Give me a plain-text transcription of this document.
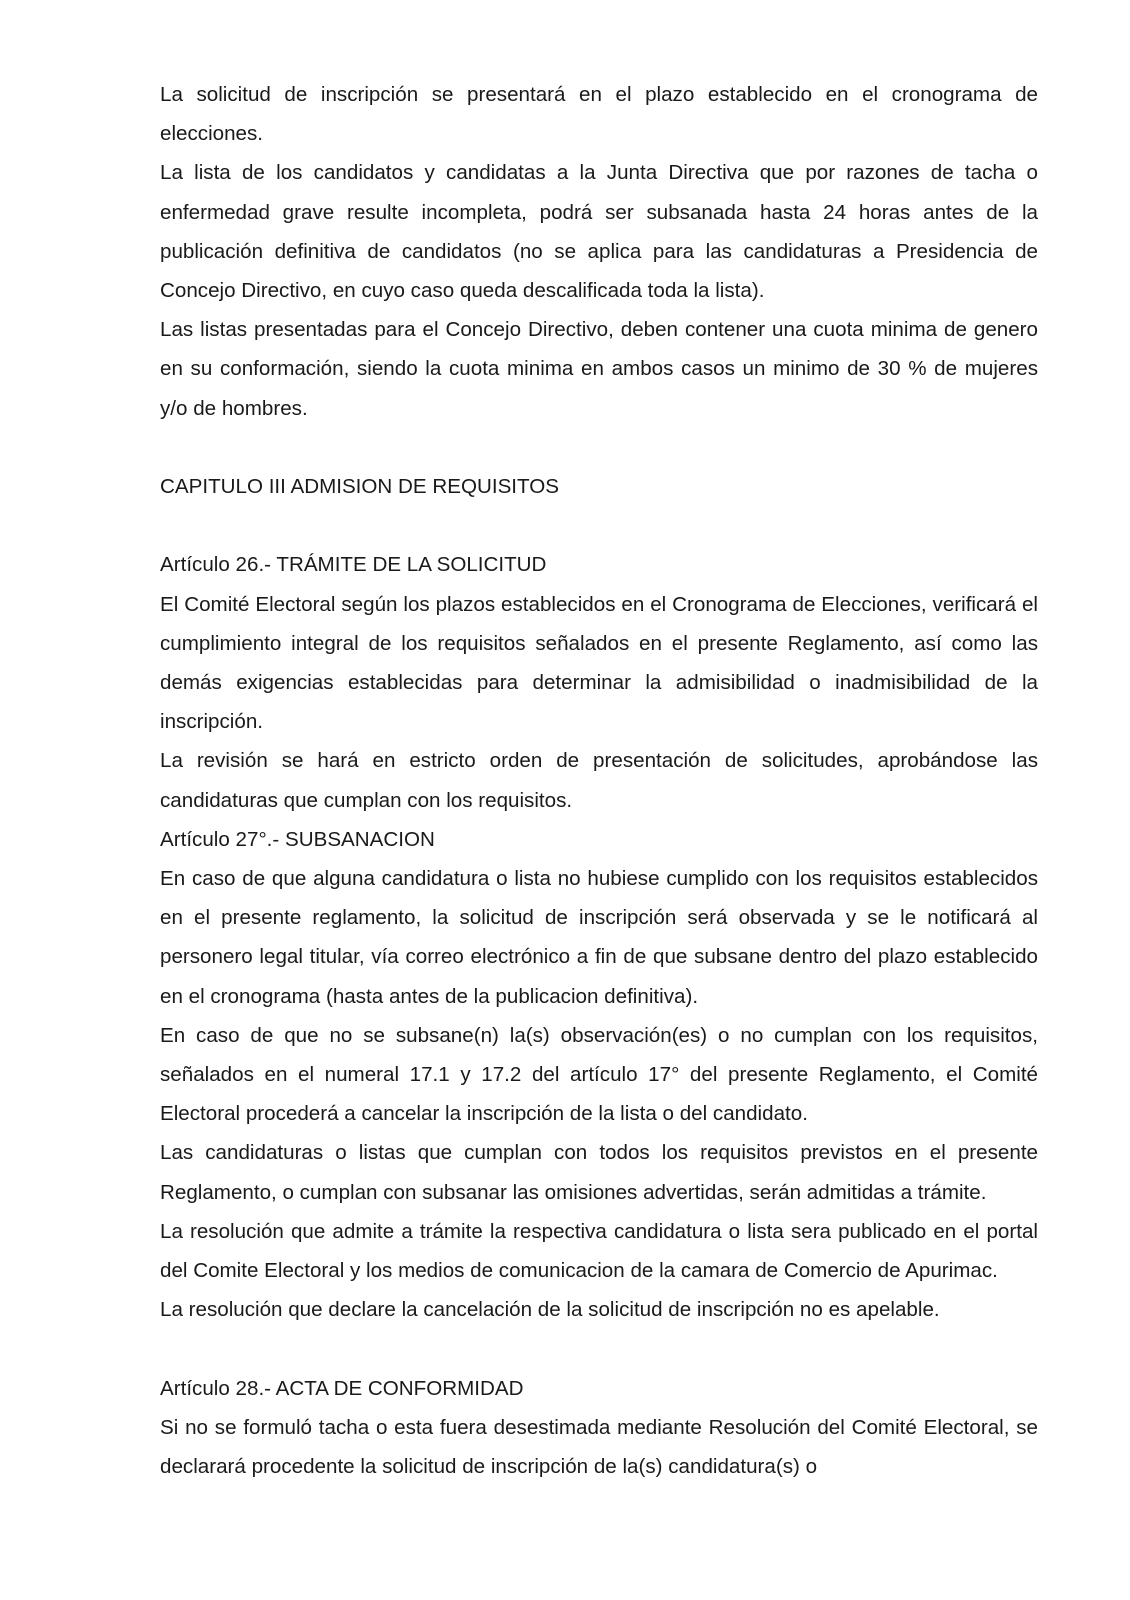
La solicitud de inscripción se presentará en el plazo establecido en el cronograma de elecciones.

La lista de los candidatos y candidatas a la Junta Directiva que por razones de tacha o enfermedad grave resulte incompleta, podrá ser subsanada hasta 24 horas antes de la publicación definitiva de candidatos (no se aplica para las candidaturas a Presidencia de Concejo Directivo, en cuyo caso queda descalificada toda la lista).

Las listas presentadas para el Concejo Directivo, deben contener una cuota minima de genero en su conformación, siendo la cuota minima en ambos casos un minimo de 30 % de mujeres y/o de hombres.

CAPITULO III ADMISION DE REQUISITOS

Artículo 26.- TRÁMITE DE LA SOLICITUD

El Comité Electoral según los plazos establecidos en el Cronograma de Elecciones, verificará el cumplimiento integral de los requisitos señalados en el presente Reglamento, así como las demás exigencias establecidas para determinar la admisibilidad o inadmisibilidad de la inscripción.

La revisión se hará en estricto orden de presentación de solicitudes, aprobándose las candidaturas que cumplan con los requisitos.

Artículo 27°.- SUBSANACION

En caso de que alguna candidatura o lista no hubiese cumplido con los requisitos establecidos en el presente reglamento, la solicitud de inscripción será observada y se le notificará al personero legal titular, vía correo electrónico a fin de que subsane dentro del plazo establecido en el cronograma (hasta antes de la publicacion definitiva).

En caso de que no se subsane(n) la(s) observación(es) o no cumplan con los requisitos, señalados en el numeral 17.1 y 17.2 del artículo 17° del presente Reglamento, el Comité Electoral procederá a cancelar la inscripción de la lista o del candidato.

Las candidaturas o listas que cumplan con todos los requisitos previstos en el presente Reglamento, o cumplan con subsanar las omisiones advertidas, serán admitidas a trámite.

La resolución que admite a trámite la respectiva candidatura o lista sera publicado en el portal del Comite Electoral y los medios de comunicacion de la camara de Comercio de Apurimac.

La resolución que declare la cancelación de la solicitud de inscripción no es apelable.

Artículo 28.- ACTA DE CONFORMIDAD

Si no se formuló tacha o esta fuera desestimada mediante Resolución del Comité Electoral, se declarará procedente la solicitud de inscripción de la(s) candidatura(s) o
